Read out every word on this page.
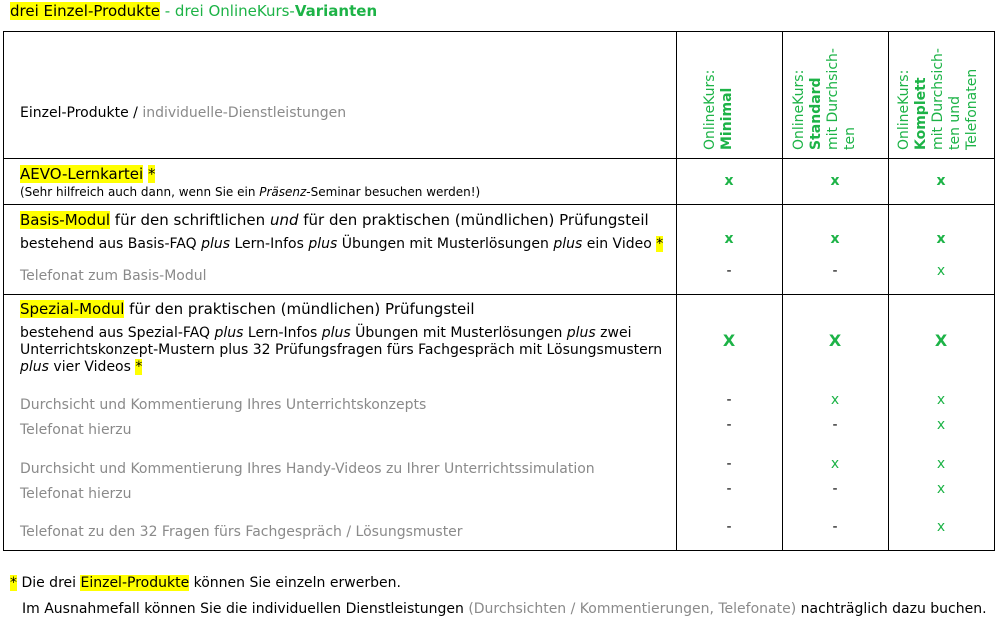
drei Einzel-Produkte - drei OnlineKurs-Varianten
Einzel-Produkte / individuelle-Dienstleistungen	OnlineKurs: Minimal	OnlineKurs: Standard mit Durchsich- ten	OnlineKurs: Komplett mit Durchsich- ten und Telefonaten
AEVO-Lernkartei *
(Sehr hilfreich auch dann, wenn Sie ein Präsenz-Seminar besuchen werden!)
x	x	x
Basis-Modul für den schriftlichen und für den praktischen (mündlichen) Prüfungsteil
bestehend aus Basis-FAQ plus Lern-Infos plus Übungen mit Musterlösungen plus ein Video *	x	x	x
Telefonat zum Basis-Modul	-	-	x
Spezial-Modul für den praktischen (mündlichen) Prüfungsteil
bestehend aus Spezial-FAQ plus Lern-Infos plus Übungen mit Musterlösungen plus zwei
Unterrichtskonzept-Mustern plus 32 Prüfungsfragen fürs Fachgespräch mit Lösungsmustern
plus vier Videos *
X	X	X
Durchsicht und Kommentierung Ihres Unterrichtskonzepts	-	x	x
Telefonat hierzu	-	-	x
Durchsicht und Kommentierung Ihres Handy-Videos zu Ihrer Unterrichtssimulation	-	x	x
Telefonat hierzu	-	-	x
Telefonat zu den 32 Fragen fürs Fachgespräch / Lösungsmuster	-	-	x
* Die drei Einzel-Produkte können Sie einzeln erwerben.
Im Ausnahmefall können Sie die individuellen Dienstleistungen (Durchsichten / Kommentierungen, Telefonate) nachträglich dazu buchen.
